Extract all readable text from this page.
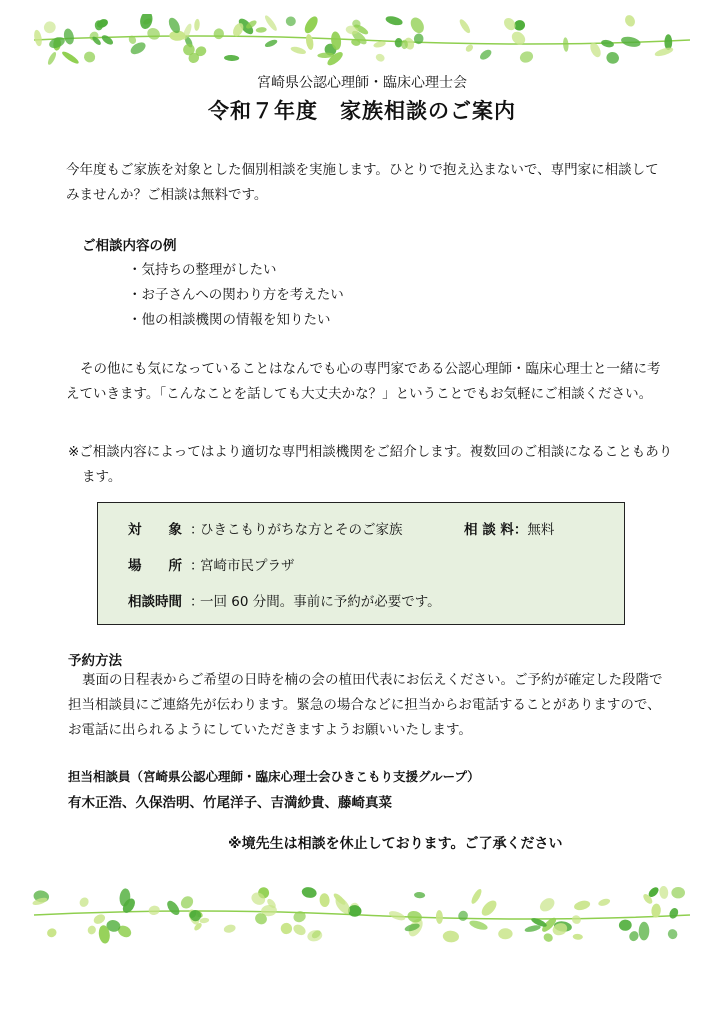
宮崎県公認心理師・臨床心理士会
令和７年度　家族相談のご案内
今年度もご家族を対象とした個別相談を実施します。ひとりで抱え込まないで、専門家に相談してみませんか？ご相談は無料です。
ご相談内容の例
・気持ちの整理がしたい
・お子さんへの関わり方を考えたい
・他の相談機関の情報を知りたい
その他にも気になっていることはなんでも心の専門家である公認心理師・臨床心理士と一緒に考えていきます。「こんなことを話しても大丈夫かな？」ということでもお気軽にご相談ください。
※ご相談内容によってはより適切な専門相談機関をご紹介します。複数回のご相談になることもあります。
対　　象 ：
ひきこもりがちな方とそのご家族	相 談 料：無料
場　　所 ：
宮崎市民プラザ
相談時間 ：
一回 60 分間。事前に予約が必要です。
予約方法
裏面の日程表からご希望の日時を楠の会の植田代表にお伝えください。ご予約が確定した段階で担当相談員にご連絡先が伝わります。緊急の場合などに担当からお電話することがありますので、お電話に出られるようにしていただきますようお願いいたします。
担当相談員（宮崎県公認心理師・臨床心理士会ひきこもり支援グループ）
有木正浩、久保浩明、竹尾洋子、吉満紗貴、藤崎真菜
※境先生は相談を休止しております。ご了承ください
